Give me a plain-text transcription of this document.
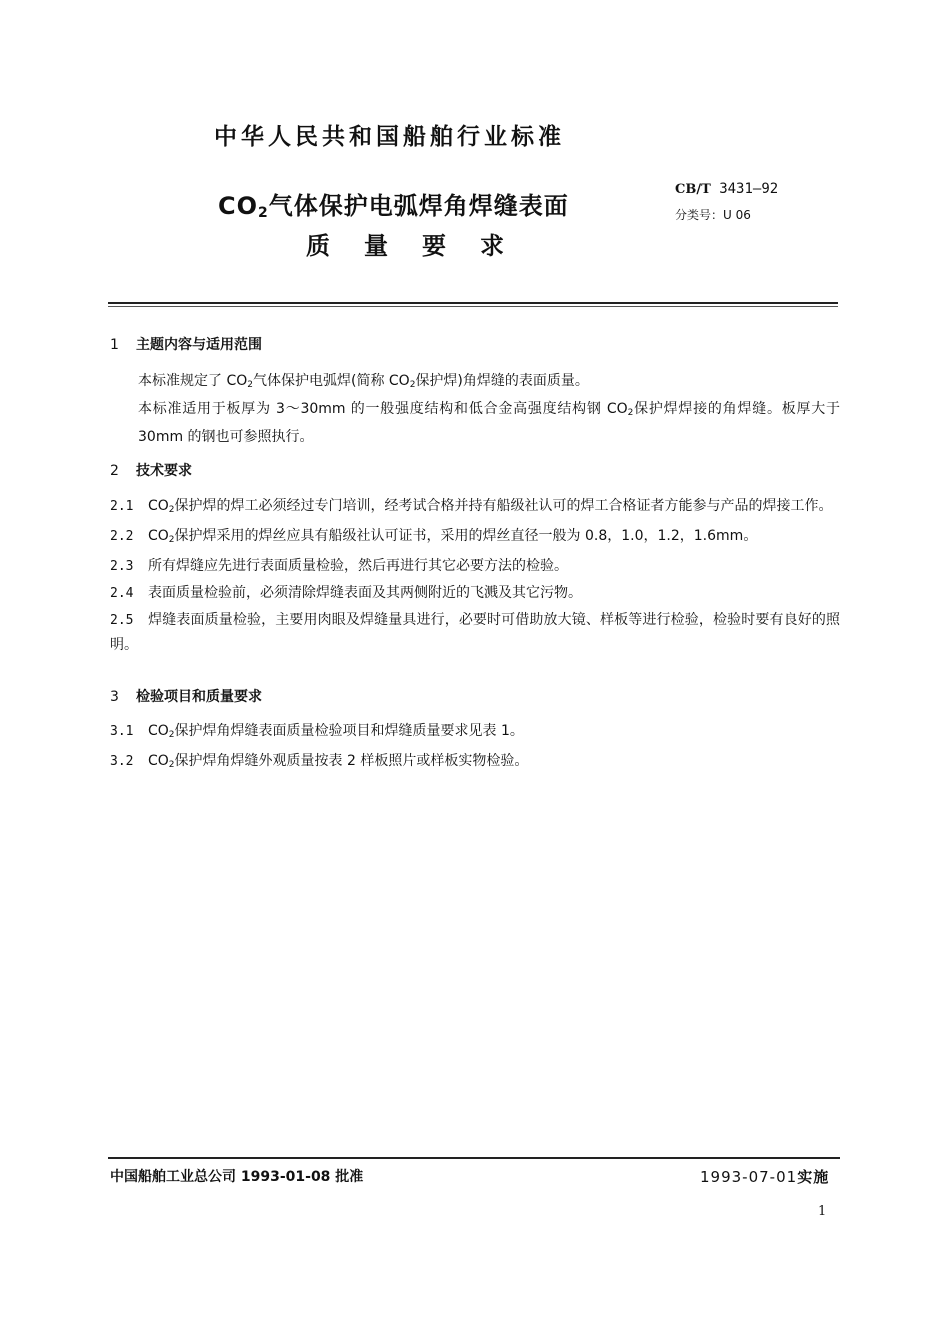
中华人民共和国船舶行业标准
$CO_2$气体保护电弧焊角焊缝表面
质量要求
CB/T 3431—92
分类号：U 06
1 主题内容与适用范围
本标准规定了 $CO_2$气体保护电弧焊(简称 $CO_2$保护焊)角焊缝的表面质量。
本标准适用于板厚为 3～30mm 的一般强度结构和低合金高强度结构钢 $CO_2$保护焊焊接的角焊缝。板厚大于 30mm 的钢也可参照执行。
2 技术要求
2.1 $CO_2$保护焊的焊工必须经过专门培训，经考试合格并持有船级社认可的焊工合格证者方能参与产品的焊接工作。
2.2 $CO_2$保护焊采用的焊丝应具有船级社认可证书，采用的焊丝直径一般为 0.8，1.0，1.2，1.6mm。
2.3 所有焊缝应先进行表面质量检验，然后再进行其它必要方法的检验。
2.4 表面质量检验前，必须清除焊缝表面及其两侧附近的飞溅及其它污物。
2.5 焊缝表面质量检验，主要用肉眼及焊缝量具进行，必要时可借助放大镜、样板等进行检验，检验时要有良好的照明。
3 检验项目和质量要求
3.1 $CO_2$保护焊角焊缝表面质量检验项目和焊缝质量要求见表 1。
3.2 $CO_2$保护焊角焊缝外观质量按表 2 样板照片或样板实物检验。
中国船舶工业总公司 1993-01-08 批准	1993-07-01实施
1
